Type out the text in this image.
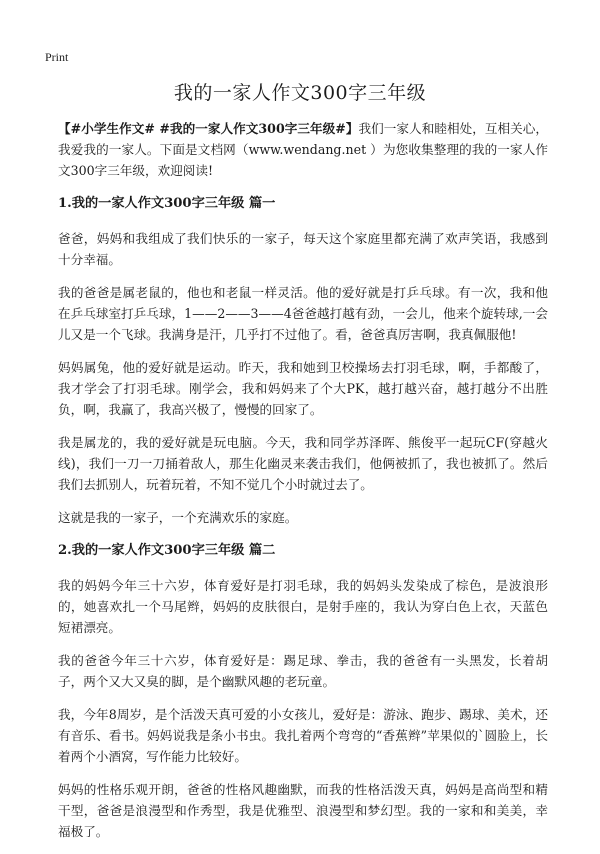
Print
我的一家人作文300字三年级

【#小学生作文# #我的一家人作文300字三年级#】我们一家人和睦相处，互相关心，我爱我的一家人。下面是文档网（www.wendang.net ）为您收集整理的我的一家人作文300字三年级，欢迎阅读!

1.我的一家人作文300字三年级 篇一

爸爸，妈妈和我组成了我们快乐的一家子，每天这个家庭里都充满了欢声笑语，我感到十分幸福。

我的爸爸是属老鼠的，他也和老鼠一样灵活。他的爱好就是打乒乓球。有一次，我和他在乒乓球室打乒乓球，1——2——3——4爸爸越打越有劲，一会儿，他来个旋转球,一会儿又是一个飞球。我满身是汗，几乎打不过他了。看，爸爸真厉害啊，我真佩服他!

妈妈属兔，他的爱好就是运动。昨天，我和她到卫校操场去打羽毛球，啊，手都酸了，我才学会了打羽毛球。刚学会，我和妈妈来了个大PK，越打越兴奋，越打越分不出胜负，啊，我赢了，我高兴极了，慢慢的回家了。

我是属龙的，我的爱好就是玩电脑。今天，我和同学苏泽晖、熊俊平一起玩CF(穿越火线)，我们一刀一刀捅着敌人，那生化幽灵来袭击我们，他俩被抓了，我也被抓了。然后我们去抓别人，玩着玩着，不知不觉几个小时就过去了。

这就是我的一家子，一个充满欢乐的家庭。

2.我的一家人作文300字三年级 篇二

我的妈妈今年三十六岁，体育爱好是打羽毛球，我的妈妈头发染成了棕色，是波浪形的，她喜欢扎一个马尾辫，妈妈的皮肤很白，是射手座的，我认为穿白色上衣，天蓝色短裙漂亮。

我的爸爸今年三十六岁，体育爱好是：踢足球、拳击，我的爸爸有一头黑发，长着胡子，两个又大又臭的脚，是个幽默风趣的老玩童。

我，今年8周岁，是个活泼天真可爱的小女孩儿，爱好是：游泳、跑步、踢球、美术，还有音乐、看书。妈妈说我是条小书虫。我扎着两个弯弯的“香蕉辫”苹果似的`圆脸上，长着两个小酒窝，写作能力比较好。

妈妈的性格乐观开朗，爸爸的性格风趣幽默，而我的性格活泼天真，妈妈是高尚型和精干型，爸爸是浪漫型和作秀型，我是优雅型、浪漫型和梦幻型。我的一家和和美美，幸福极了。
